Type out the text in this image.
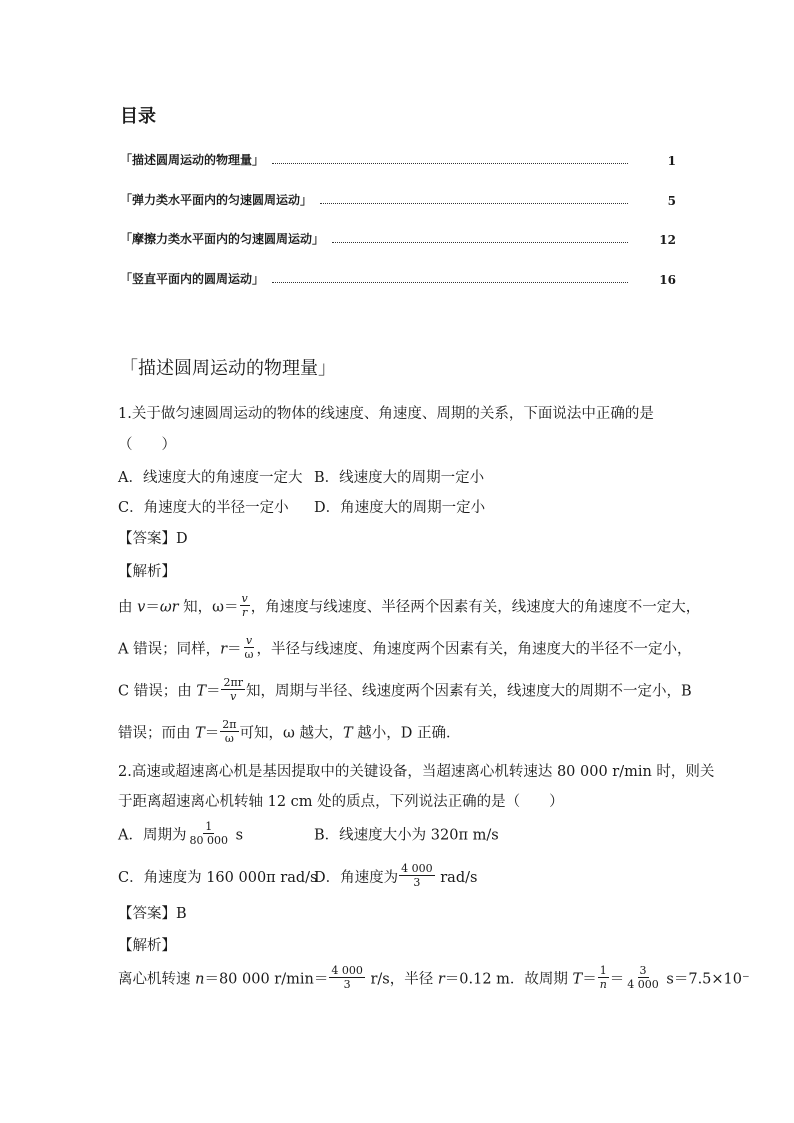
目录
「描述圆周运动的物理量」	1
「弹力类水平面内的匀速圆周运动」	5
「摩擦力类水平面内的匀速圆周运动」	12
「竖直平面内的圆周运动」	16
「描述圆周运动的物理量」
1.关于做匀速圆周运动的物体的线速度、角速度、周期的关系，下面说法中正确的是
（　　）
A．线速度大的角速度一定大 B．线速度大的周期一定小
C．角速度大的半径一定小 D．角速度大的周期一定小
【答案】D
【解析】
由 v＝ωr 知，$\omega= \frac{v}{r}$ ，角速度与线速度、半径两个因素有关，线速度大的角速度不一定大，
A 错误；同样，$r= \frac{v}{\omega}$ ，半径与线速度、角速度两个因素有关，角速度大的半径不一定小，
C 错误；由 $T= \frac{2\pi r}{v}$ 知，周期与半径、线速度两个因素有关，线速度大的周期不一定小，B
错误；而由 $T= \frac{2\pi}{\omega}$ 可知，ω 越大，T 越小，D 正确．
2.高速或超速离心机是基因提取中的关键设备，当超速离心机转速达 80 000 r/min 时，则关
于距离超速离心机转轴 12 cm 处的质点，下列说法正确的是（　　）
A．周期为 $\frac{1}{80 000}$ s	B．线速度大小为 320π m/s
C．角速度为 160 000π rad/sD．角速度为 $\frac{4 000}{3} rad/s$
【答案】B
【解析】
离心机转速 n＝80 000 $r/\min= \frac{4 000}{3} r/s$，半径 r＝0.12 m．故周期 $T= \frac{1}{n} = \frac{3}{4 000} s=7.5\times 10^-$
